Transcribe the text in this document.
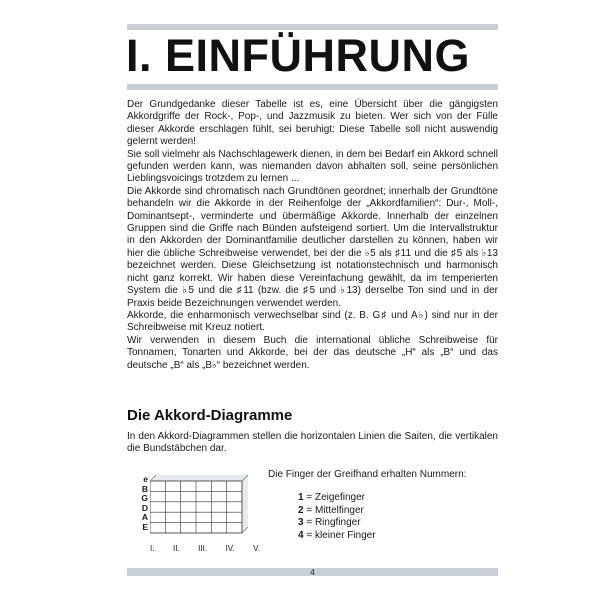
I. EINFÜHRUNG

Der Grundgedanke dieser Tabelle ist es, eine Übersicht über die gängigsten Akkordgriffe der Rock-, Pop-, und Jazzmusik zu bieten. Wer sich von der Fülle dieser Akkorde erschlagen fühlt, sei beruhigt: Diese Tabelle soll nicht auswendig gelernt werden!

Sie soll vielmehr als Nachschlagewerk dienen, in dem bei Bedarf ein Akkord schnell gefunden werden kann, was niemanden davon abhalten soll, seine persönlichen Lieblingsvoicings trotzdem zu lernen ...

Die Akkorde sind chromatisch nach Grundtönen geordnet; innerhalb der Grundtöne behandeln wir die Akkorde in der Reihenfolge der „Akkordfamilien“: Dur-, Moll-, Dominantsept-, verminderte und übermäßige Akkorde. Innerhalb der einzelnen Gruppen sind die Griffe nach Bünden aufsteigend sortiert. Um die Intervallstruktur in den Akkorden der Dominantfamilie deutlicher darstellen zu können, haben wir hier die übliche Schreibweise verwendet, bei der die ♭5 als ♯11 und die ♯5 als ♭13 bezeichnet werden. Diese Gleichsetzung ist notationstechnisch und harmonisch nicht ganz korrekt. Wir haben diese Vereinfachung gewählt, da im temperierten System die ♭5 und die ♯11 (bzw. die ♯5 und ♭13) derselbe Ton sind und in der Praxis beide Bezeichnungen verwendet werden.

Akkorde, die enharmonisch verwechselbar sind (z. B. G♯ und A♭) sind nur in der Schreibweise mit Kreuz notiert.

Wir verwenden in diesem Buch die international übliche Schreibweise für Tonnamen, Tonarten und Akkorde, bei der das deutsche „H“ als „B“ und das deutsche „B“ als „B♭“ bezeichnet werden.

Die Akkord-Diagramme

In den Akkord-Diagrammen stellen die horizontalen Linien die Saiten, die vertikalen die Bundstäbchen dar.

e
B
G
D
A
E
I. II. III. IV. V.
Die Finger der Greifhand erhalten Nummern:
1 = Zeigefinger
2 = Mittelfinger
3 = Ringfinger
4 = kleiner Finger
4
